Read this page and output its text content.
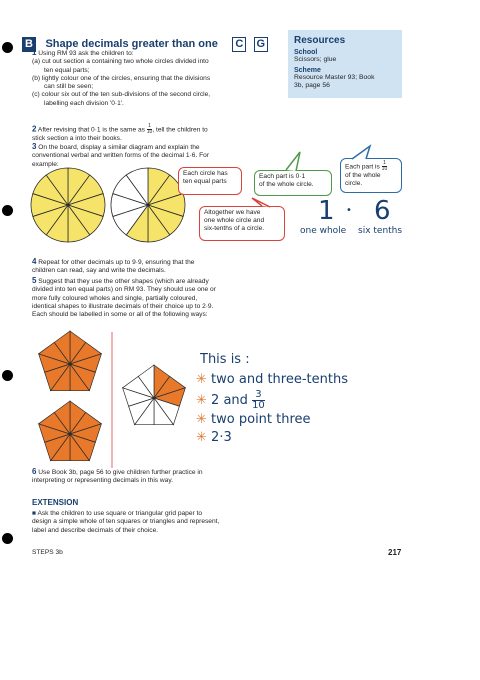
B Shape decimals greater than one C G	Resources
School
Scissors; glue
Scheme
Resource Master 93; Book
3b, page 56
1 Using RM 93 ask the children to:
(a) cut out section a containing two whole circles divided into
ten equal parts;
(b) lightly colour one of the circles, ensuring that the divisions
can still be seen;
(c) colour six out of the ten sub-divisions of the second circle,
labelling each division '0·1'.
2 After revising that 0·1 is the same as $\frac{1}{10}$ , tell the children to
stick section a into their books.
3 On the board, display a similar diagram and explain the
conventional verbal and written forms of the decimal 1·6. For
example:
Each circle has
ten equal parts
Each part is 0·1
of the whole circle.
Each part is $\frac{1}{10}$
of the whole
circle.
Altogether we have
one whole circle and
six-tenths of a circle.
1 • 6
one whole six tenths
4 Repeat for other decimals up to 9·9, ensuring that the
children can read, say and write the decimals.
5 Suggest that they use the other shapes (which are already
divided into ten equal parts) on RM 93. They should use one or
more fully coloured wholes and single, partially coloured,
identical shapes to illustrate decimals of their choice up to 2·9.
Each should be labelled in some or all of the following ways:
This is :
✳ two and three-tenths
✳ 2 and $\frac{3}{10}$
✳ two point three
✳ 2·3
6 Use Book 3b, page 56 to give children further practice in
interpreting or representing decimals in this way.
EXTENSION
■ Ask the children to use square or triangular grid paper to
design a simple whole of ten squares or triangles and represent,
label and describe decimals of their choice.
STEPS 3b	217
